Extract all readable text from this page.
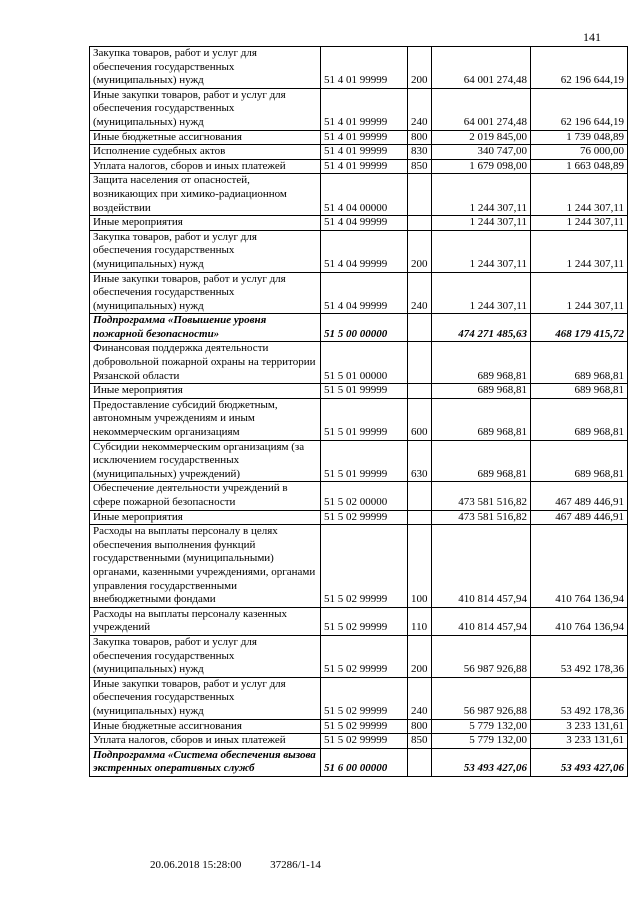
141
Закупка товаров, работ и услуг для обеспечения государственных (муниципальных) нужд	51 4 01 99999	200	64 001 274,48	62 196 644,19
Иные закупки товаров, работ и услуг для обеспечения государственных (муниципальных) нужд	51 4 01 99999	240	64 001 274,48	62 196 644,19
Иные бюджетные ассигнования	51 4 01 99999	800	2 019 845,00	1 739 048,89
Исполнение судебных актов	51 4 01 99999	830	340 747,00	76 000,00
Уплата налогов, сборов и иных платежей	51 4 01 99999	850	1 679 098,00	1 663 048,89
Защита населения от опасностей, возникающих при химико-радиационном воздействии	51 4 04 00000		1 244 307,11	1 244 307,11
Иные мероприятия	51 4 04 99999		1 244 307,11	1 244 307,11
Закупка товаров, работ и услуг для обеспечения государственных (муниципальных) нужд	51 4 04 99999	200	1 244 307,11	1 244 307,11
Иные закупки товаров, работ и услуг для обеспечения государственных (муниципальных) нужд	51 4 04 99999	240	1 244 307,11	1 244 307,11
Подпрограмма «Повышение уровня пожарной безопасности»	51 5 00 00000		474 271 485,63	468 179 415,72
Финансовая поддержка деятельности добровольной пожарной охраны на территории Рязанской области	51 5 01 00000		689 968,81	689 968,81
Иные мероприятия	51 5 01 99999		689 968,81	689 968,81
Предоставление субсидий бюджетным, автономным учреждениям и иным некоммерческим организациям	51 5 01 99999	600	689 968,81	689 968,81
Субсидии некоммерческим организациям (за исключением государственных (муниципальных) учреждений)	51 5 01 99999	630	689 968,81	689 968,81
Обеспечение деятельности учреждений в сфере пожарной безопасности	51 5 02 00000		473 581 516,82	467 489 446,91
Иные мероприятия	51 5 02 99999		473 581 516,82	467 489 446,91
Расходы на выплаты персоналу в целях обеспечения выполнения функций государственными (муниципальными) органами, казенными учреждениями, органами управления государственными внебюджетными фондами	51 5 02 99999	100	410 814 457,94	410 764 136,94
Расходы на выплаты персоналу казенных учреждений	51 5 02 99999	110	410 814 457,94	410 764 136,94
Закупка товаров, работ и услуг для обеспечения государственных (муниципальных) нужд	51 5 02 99999	200	56 987 926,88	53 492 178,36
Иные закупки товаров, работ и услуг для обеспечения государственных (муниципальных) нужд	51 5 02 99999	240	56 987 926,88	53 492 178,36
Иные бюджетные ассигнования	51 5 02 99999	800	5 779 132,00	3 233 131,61
Уплата налогов, сборов и иных платежей	51 5 02 99999	850	5 779 132,00	3 233 131,61
Подпрограмма «Система обеспечения вызова экстренных оперативных служб	51 6 00 00000		53 493 427,06	53 493 427,06
20.06.2018 15:28:00	37286/1-14
